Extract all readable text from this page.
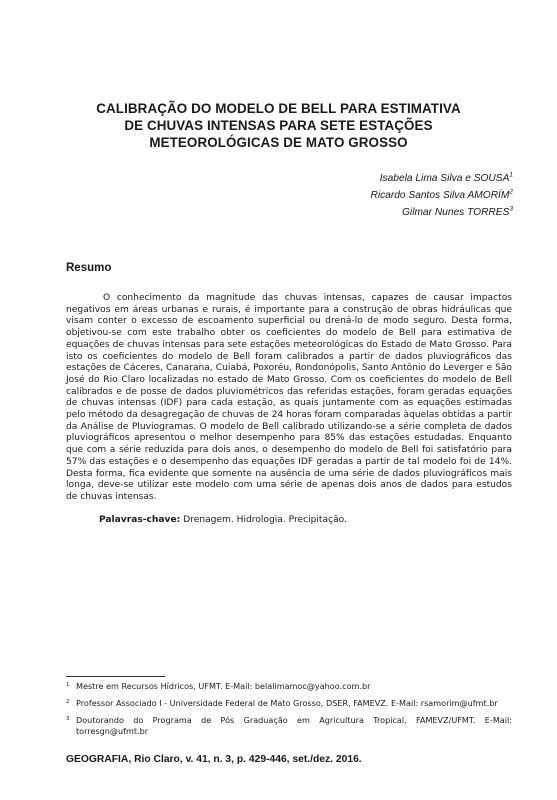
CALIBRAÇÃO DO MODELO DE BELL PARA ESTIMATIVA
DE CHUVAS INTENSAS PARA SETE ESTAÇÕES
METEOROLÓGICAS DE MATO GROSSO
Isabela Lima Silva e SOUSA$^1$
Ricardo Santos Silva AMORÍM$^2$
Gilmar Nunes TORRES$^3$
Resumo

O conhecimento da magnitude das chuvas intensas, capazes de causar impactos negativos em áreas urbanas e rurais, é importante para a construção de obras hidráulicas que visam conter o excesso de escoamento superficial ou drená-lo de modo seguro. Desta forma, objetivou-se com este trabalho obter os coeficientes do modelo de Bell para estimativa de equações de chuvas intensas para sete estações meteorológicas do Estado de Mato Grosso. Para isto os coeficientes do modelo de Bell foram calibrados a partir de dados pluviográficos das estações de Cáceres, Canarana, Cuiabá, Poxoréu, Rondonópolis, Santo Antônio do Leverger e São José do Rio Claro localizadas no estado de Mato Grosso. Com os coeficientes do modelo de Bell calibrados e de posse de dados pluviométricos das referidas estações, foram geradas equações de chuvas intensas (IDF) para cada estação, as quais juntamente com as equações estimadas pelo método da desagregação de chuvas de 24 horas foram comparadas àquelas obtidas a partir da Análise de Pluviogramas. O modelo de Bell calibrado utilizando-se a série completa de dados pluviográficos apresentou o melhor desempenho para 85% das estações estudadas. Enquanto que com a série reduzida para dois anos, o desempenho do modelo de Bell foi satisfatório para 57% das estações e o desempenho das equações IDF geradas a partir de tal modelo foi de 14%. Desta forma, fica evidente que somente na ausência de uma série de dados pluviográficos mais longa, deve-se utilizar este modelo com uma série de apenas dois anos de dados para estudos de chuvas intensas.

Palavras-chave: Drenagem. Hidrologia. Precipitação.
1 Mestre em Recursos Hídricos, UFMT. E-Mail: belalimamoc@yahoo.com.br
2 Professor Associado I - Universidade Federal de Mato Grosso, DSER, FAMEVZ. E-Mail: rsamorim@ufmt.br
3 Doutorando do Programa de Pós Graduação em Agricultura Tropical, FAMEVZ/UFMT. E-Mail: torresgn@ufmt.br
GEOGRAFIA, Rio Claro, v. 41, n. 3, p. 429-446, set./dez. 2016.
